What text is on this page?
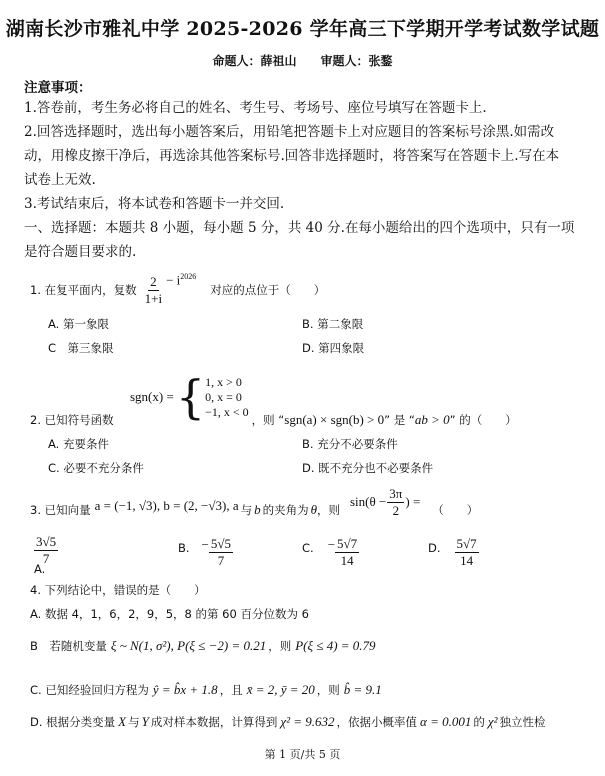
湖南长沙市雅礼中学 2025-2026 学年高三下学期开学考试数学试题
命题人：薛祖山　　审题人：张鍪
注意事项：
1.答卷前，考生务必将自己的姓名、考生号、考场号、座位号填写在答题卡上.
2.回答选择题时，选出每小题答案后，用铅笔把答题卡上对应题目的答案标号涂黑.如需改
动，用橡皮擦干净后，再选涂其他答案标号.回答非选择题时，将答案写在答题卡上.写在本
试卷上无效.
3.考试结束后，将本试卷和答题卡一并交回.
一、选择题：本题共 8 小题，每小题 5 分，共 40 分.在每小题给出的四个选项中，只有一项
是符合题目要求的.
1. 在复平面内，复数 $\frac{2}{1+i} - i^{2026}$
对应的点位于（　　）
A. 第一象限	B. 第二象限
C　第三象限	D. 第四象限
sgn(x) = { 1, x > 0
0, x = 0
−1, x < 0
2. 已知符号函数	，则 “ sgn(a) × sgn(b) > 0 ” 是 “ ab > 0 ” 的（　　）
A. 充要条件	B. 充分不必要条件
C. 必要不充分条件	D. 既不充分也不必要条件
3. 已知向量 a = (−1, √3), b = (2, −√3), a 与 b 的夹角为 θ ，则
$\sin(\theta - \frac{3\pi}{2}$ ) =
（　　）
$\frac{3√5}{7}$
A.
B. − $\frac{5√5}{7}$	C. − $\frac{5√7}{14}$	D. $\frac{5√7}{14}$
4. 下列结论中，错误的是（　　）
A. 数据 4，1，6，2，9，5，8 的第 60 百分位数为 6
B　若随机变量 ξ ~ N(1, σ²), P(ξ ≤ −2) = 0.21 ，则 P(ξ ≤ 4) = 0.79
C. 已知经验回归方程为 ŷ = b̂x + 1.8 ，且 x̄ = 2, ȳ = 20 ，则 b̂ = 9.1
D. 根据分类变量 X 与 Y 成对样本数据，计算得到 χ² = 9.632 ，依据小概率值 α = 0.001 的 χ² 独立性检
第 1 页/共 5 页
